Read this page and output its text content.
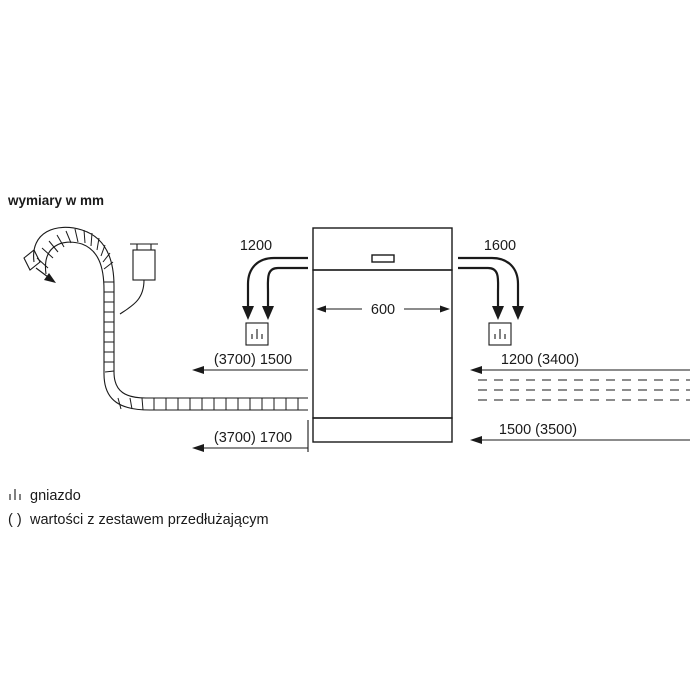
wymiary w mm
600
1200	1600
(3700) 1500	1200 (3400)
(3700) 1700	1500 (3500)
gniazdo
( ) wartości z zestawem przedłużającym
